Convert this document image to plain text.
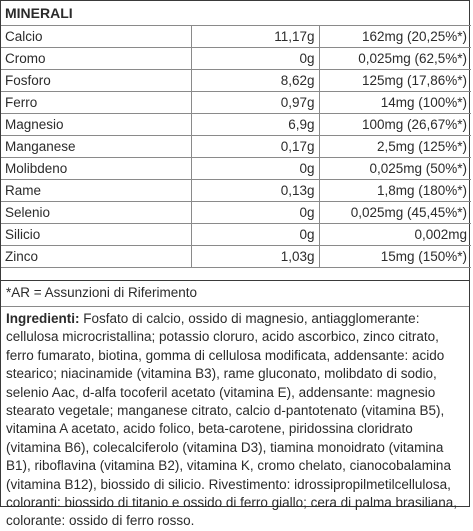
MINERALI		
Calcio	11,17g	162mg (20,25%*)
Cromo	0g	0,025mg (62,5%*)
Fosforo	8,62g	125mg (17,86%*)
Ferro	0,97g	14mg (100%*)
Magnesio	6,9g	100mg (26,67%*)
Manganese	0,17g	2,5mg (125%*)
Molibdeno	0g	0,025mg (50%*)
Rame	0,13g	1,8mg (180%*)
Selenio	0g	0,025mg (45,45%*)
Silicio	0g	0,002mg
Zinco	1,03g	15mg (150%*)
*AR = Assunzioni di Riferimento
Ingredienti: Fosfato di calcio, ossido di magnesio, antiagglomerante: cellulosa microcristallina; potassio cloruro, acido ascorbico, zinco citrato, ferro fumarato, biotina, gomma di cellulosa modificata, addensante: acido stearico; niacinamide (vitamina B3), rame gluconato, molibdato di sodio, selenio Aac, d-alfa tocoferil acetato (vitamina E), addensante: magnesio stearato vegetale; manganese citrato, calcio d-pantotenato (vitamina B5), vitamina A acetato, acido folico, beta-carotene, piridossina cloridrato (vitamina B6), colecalciferolo (vitamina D3), tiamina monoidrato (vitamina B1), riboflavina (vitamina B2), vitamina K, cromo chelato, cianocobalamina (vitamina B12), biossido di silicio. Rivestimento: idrossipropilmetilcellulosa, coloranti: biossido di titanio e ossido di ferro giallo; cera di palma brasiliana, colorante: ossido di ferro rosso.
